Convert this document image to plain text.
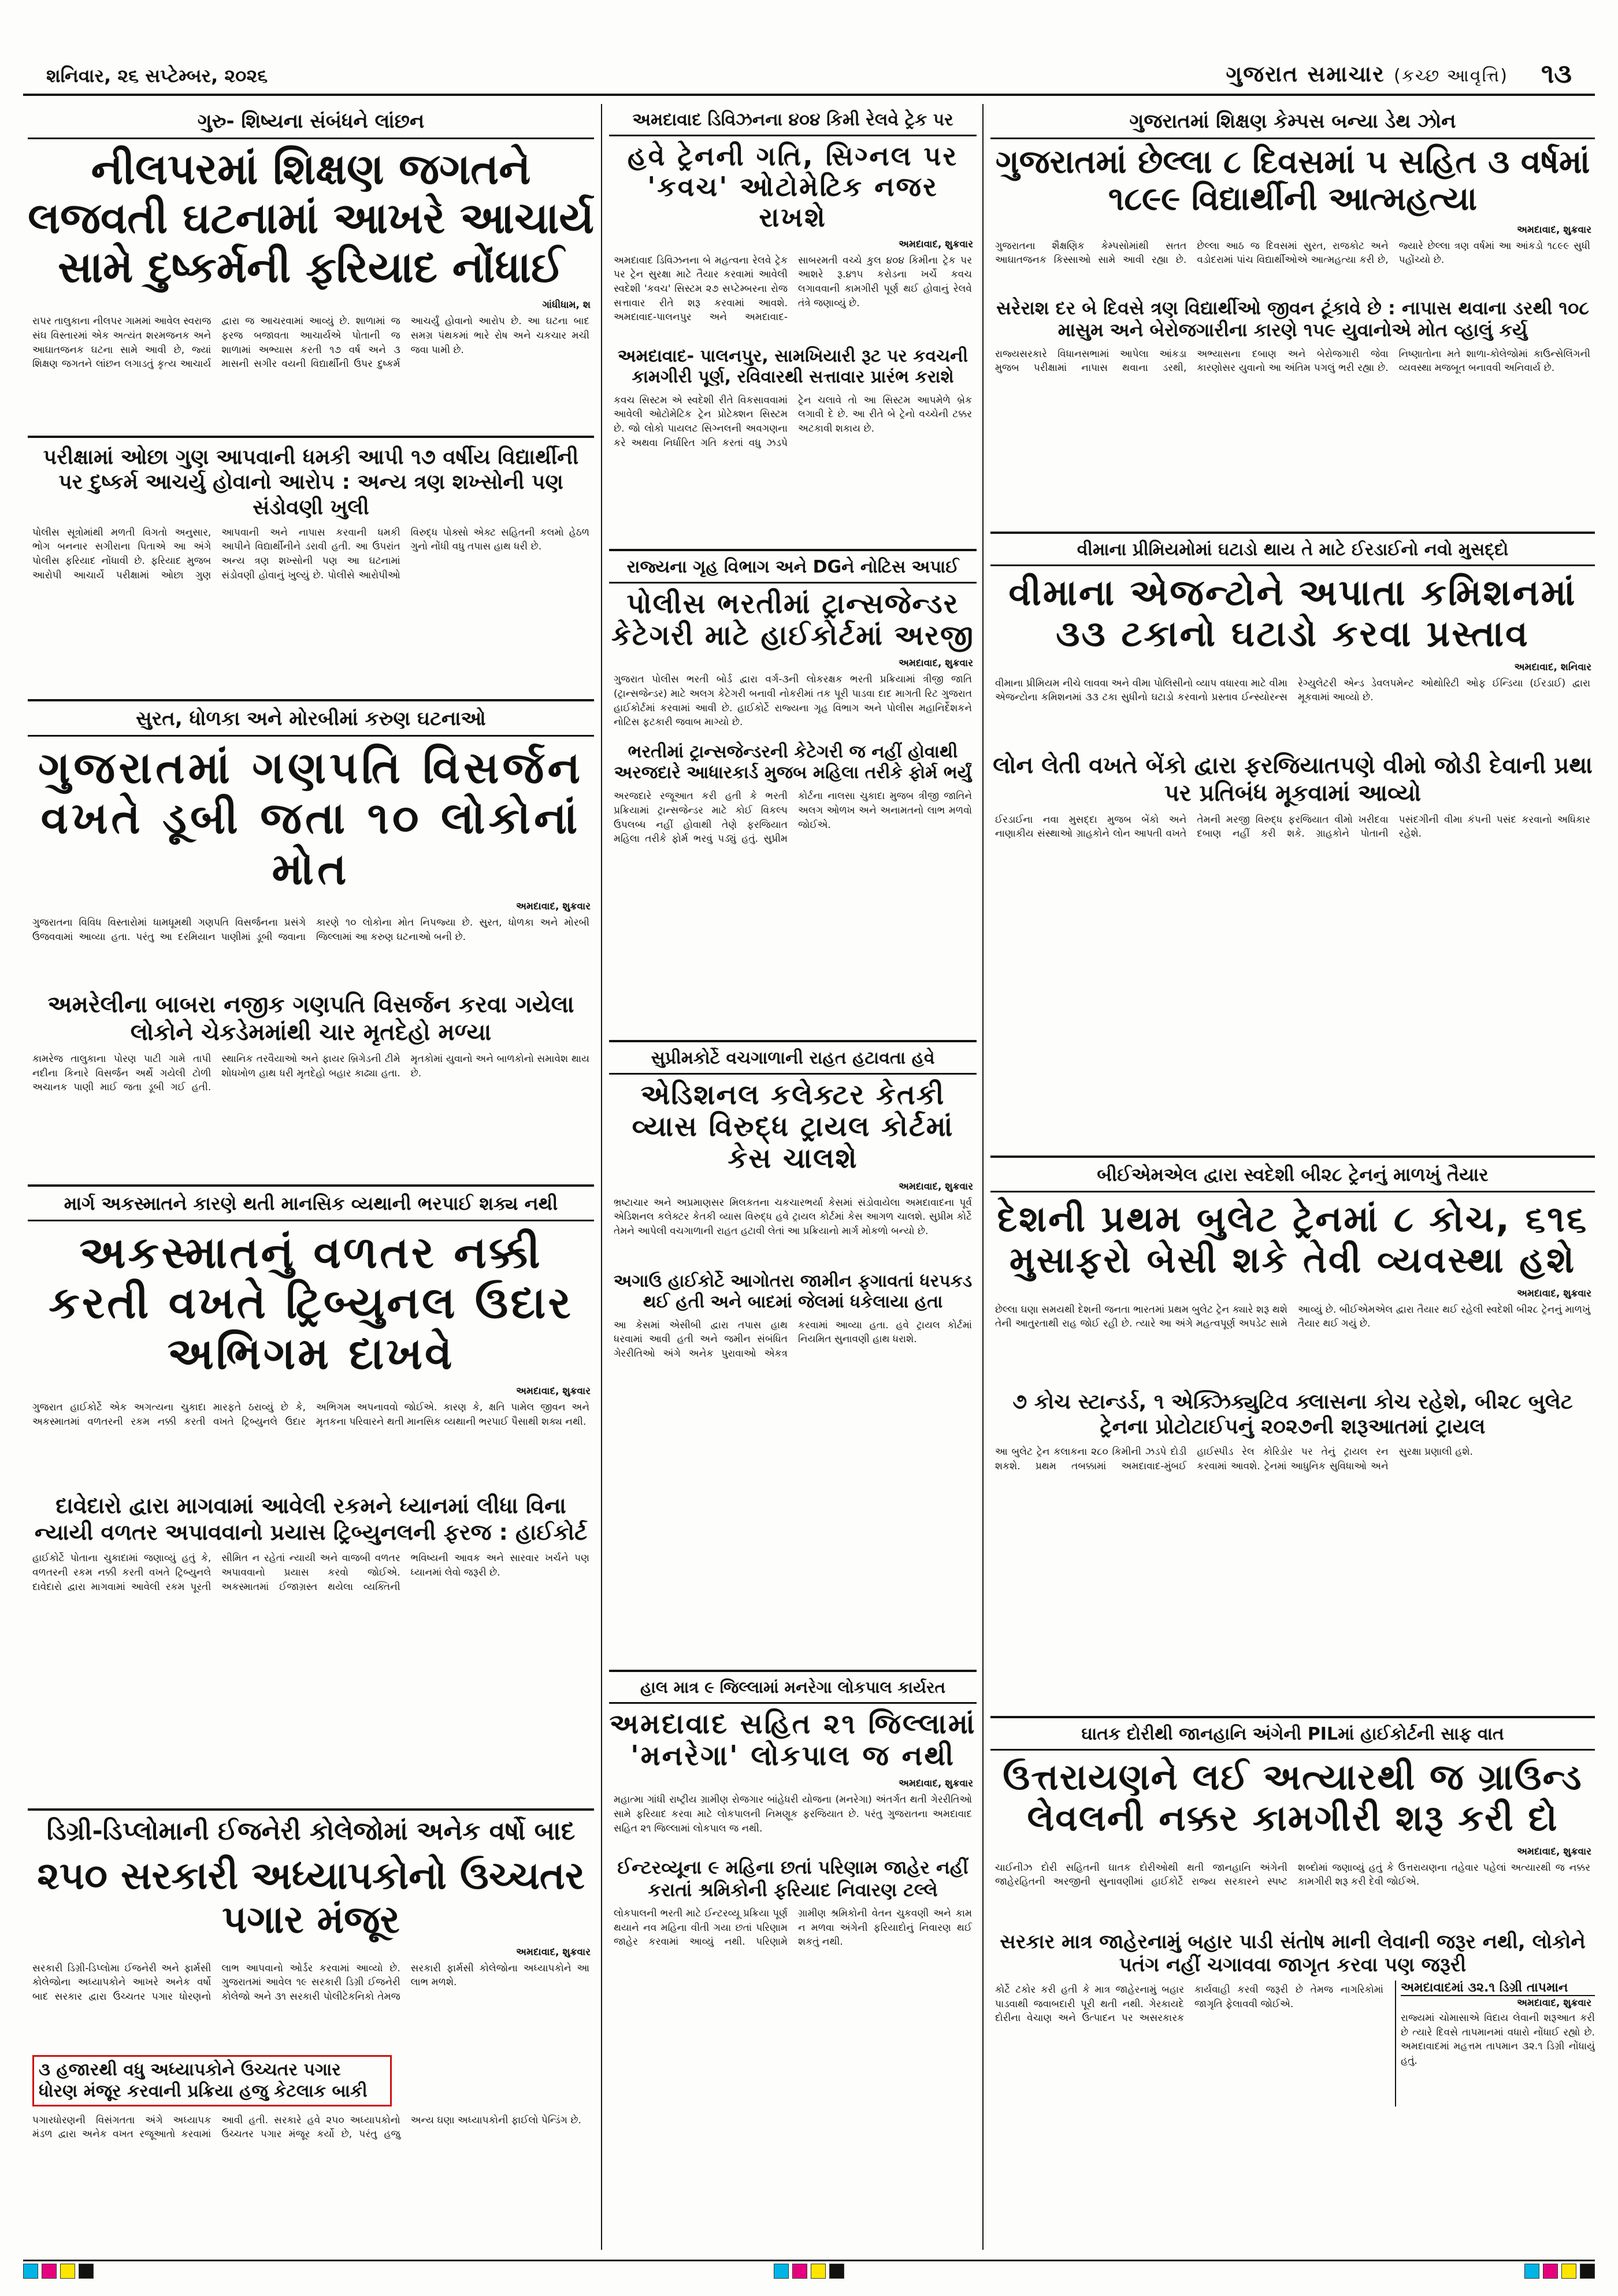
શનિવાર, ૨૬ સપ્ટેમ્બર, ૨૦૨૬	ગુજરાત સમાચાર (કચ્છ આવૃત્તિ) ૧૩
ગુરુ- શિષ્યના સંબંધને લાંછન
નીલપરમાં શિક્ષણ જગતને લજવતી ઘટનામાં આખરે આચાર્ય સામે દુષ્કર્મની ફરિયાદ નોંધાઈ
ગાંધીધામ, શ
રાપર તાલુકાના નીલપર ગામમાં આવેલ સ્વરાજ સંઘ વિસ્તારમાં એક અત્યંત શરમજનક અને આઘાતજનક ઘટના સામે આવી છે, જ્યાં શિક્ષણ જગતને લાંછન લગાડતું કૃત્ય આચાર્ય દ્વારા જ આચરવામાં આવ્યું છે. શાળામાં જ ફરજ બજાવતા આચાર્યએ પોતાની જ શાળામાં અભ્યાસ કરતી ૧૭ વર્ષ અને ૩ માસની સગીર વયની વિદ્યાર્થીની ઉપર દુષ્કર્મ આચર્યું હોવાનો આરોપ છે. આ ઘટના બાદ સમગ્ર પંથકમાં ભારે રોષ અને ચકચાર મચી જવા પામી છે.
પરીક્ષામાં ઓછા ગુણ આપવાની ધમકી આપી ૧૭ વર્ષીય વિદ્યાર્થીની પર દુષ્કર્મ આચર્યુ હોવાનો આરોપ : અન્ય ત્રણ શખ્સોની પણ સંડોવણી ખુલી
પોલીસ સૂત્રોમાંથી મળતી વિગતો અનુસાર, ભોગ બનનાર સગીરાના પિતાએ આ અંગે પોલીસ ફરિયાદ નોંધાવી છે. ફરિયાદ મુજબ આરોપી આચાર્યે પરીક્ષામાં ઓછા ગુણ આપવાની અને નાપાસ કરવાની ધમકી આપીને વિદ્યાર્થીનીને ડરાવી હતી. આ ઉપરાંત અન્ય ત્રણ શખ્સોની પણ આ ઘટનામાં સંડોવણી હોવાનું ખુલ્યું છે. પોલીસે આરોપીઓ વિરુદ્ધ પોક્સો એક્ટ સહિતની કલમો હેઠળ ગુનો નોંધી વધુ તપાસ હાથ ધરી છે.
સુરત, ધોળકા અને મોરબીમાં કરુણ ઘટનાઓ
ગુજરાતમાં ગણપતિ વિસર્જન વખતે ડૂબી જતા ૧૦ લોકોનાં મોત
અમદાવાદ, શુક્રવાર
ગુજરાતના વિવિધ વિસ્તારોમાં ધામધૂમથી ગણપતિ વિસર્જનના પ્રસંગે ઉજવવામાં આવ્યા હતા. પરંતુ આ દરમિયાન પાણીમાં ડૂબી જવાના કારણે ૧૦ લોકોના મોત નિપજ્યા છે. સુરત, ધોળકા અને મોરબી જિલ્લામાં આ કરુણ ઘટનાઓ બની છે.
અમરેલીના બાબરા નજીક ગણપતિ વિસર્જન કરવા ગયેલા લોકોને ચેકડેમમાંથી ચાર મૃતદેહો મળ્યા
કામરેજ તાલુકાના પોરણ પાટી ગામે તાપી નદીના કિનારે વિસર્જન અર્થે ગયેલી ટોળી અચાનક પાણી માઈ જતા ડૂબી ગઈ હતી. સ્થાનિક તરવૈયાઓ અને ફાયર બ્રિગેડની ટીમે શોધખોળ હાથ ધરી મૃતદેહો બહાર કાઢ્યા હતા. મૃતકોમાં યુવાનો અને બાળકોનો સમાવેશ થાય છે.
માર્ગ અકસ્માતને કારણે થતી માનસિક વ્યથાની ભરપાઈ શક્ય નથી
અકસ્માતનું વળતર નક્કી કરતી વખતે ટ્રિબ્યુનલ ઉદાર અભિગમ દાખવે
અમદાવાદ, શુક્રવાર
ગુજરાત હાઈકોર્ટે એક અગત્યના ચુકાદા મારફતે ઠરાવ્યું છે કે, અકસ્માતમાં વળતરની રકમ નક્કી કરતી વખતે ટ્રિબ્યુનલે ઉદાર અભિગમ અપનાવવો જોઈએ. કારણ કે, ક્ષતિ પામેલ જીવન અને મૃતકના પરિવારને થતી માનસિક વ્યથાની ભરપાઈ પૈસાથી શક્ય નથી.
દાવેદારો દ્વારા માગવામાં આવેલી રકમને ધ્યાનમાં લીધા વિના ન્યાયી વળતર અપાવવાનો પ્રયાસ ટ્રિબ્યુનલની ફરજ : હાઈકોર્ટ
હાઈકોર્ટે પોતાના ચુકાદામાં જણાવ્યું હતું કે, વળતરની રકમ નક્કી કરતી વખતે ટ્રિબ્યુનલે દાવેદારો દ્વારા માગવામાં આવેલી રકમ પૂરતી સીમિત ન રહેતાં ન્યાયી અને વાજબી વળતર અપાવવાનો પ્રયાસ કરવો જોઈએ. અકસ્માતમાં ઈજાગ્રસ્ત થયેલા વ્યક્તિની ભવિષ્યની આવક અને સારવાર ખર્ચને પણ ધ્યાનમાં લેવો જરૂરી છે.
ડિગ્રી-ડિપ્લોમાની ઈજનેરી કોલેજોમાં અનેક વર્ષો બાદ
૨૫૦ સરકારી અધ્યાપકોનો ઉચ્ચતર પગાર મંજૂર
અમદાવાદ, શુક્રવાર
સરકારી ડિગ્રી-ડિપ્લોમા ઈજનેરી અને ફાર્મસી કોલેજોના અધ્યાપકોને આખરે અનેક વર્ષો બાદ સરકાર દ્વારા ઉચ્ચતર પગાર ધોરણનો લાભ આપવાનો ઓર્ડર કરવામાં આવ્યો છે. ગુજરાતમાં આવેલ ૧૯ સરકારી ડિગ્રી ઈજનેરી કોલેજો અને ૩૧ સરકારી પોલીટેકનિકો તેમજ સરકારી ફાર્મસી કોલેજોના અધ્યાપકોને આ લાભ મળશે.
૩ હજારથી વધુ અધ્યાપકોને ઉચ્ચતર પગાર ધોરણ મંજૂર કરવાની પ્રક્રિયા હજુ કેટલાક બાકી
પગારધોરણની વિસંગતતા અંગે અધ્યાપક મંડળ દ્વારા અનેક વખત રજૂઆતો કરવામાં આવી હતી. સરકારે હવે ૨૫૦ અધ્યાપકોનો ઉચ્ચતર પગાર મંજૂર કર્યો છે, પરંતુ હજુ અન્ય ઘણા અધ્યાપકોની ફાઈલો પેન્ડિંગ છે.
અમદાવાદ ડિવિઝનના ૪૦૪ કિમી રેલવે ટ્રેક પર
હવે ટ્રેનની ગતિ, સિગ્નલ પર 'કવચ' ઓટોમેટિક નજર રાખશે
અમદાવાદ, શુક્રવાર
અમદાવાદ ડિવિઝનના બે મહત્વના રેલવે ટ્રેક પર ટ્રેન સુરક્ષા માટે તૈયાર કરવામાં આવેલી સ્વદેશી 'કવચ' સિસ્ટમ ૨૭ સપ્ટેમ્બરના રોજ સત્તાવાર રીતે શરૂ કરવામાં આવશે. અમદાવાદ-પાલનપુર અને અમદાવાદ-સાબરમતી વચ્ચે કુલ ૪૦૪ કિમીના ટ્રેક પર આશરે રૂ.૪૧૫ કરોડના ખર્ચે કવચ લગાવવાની કામગીરી પૂર્ણ થઈ હોવાનું રેલવે તંત્રે જણાવ્યું છે.
અમદાવાદ- પાલનપુર, સામખિયારી રૂટ પર કવચની કામગીરી પૂર્ણ, રવિવારથી સત્તાવાર પ્રારંભ કરાશે
કવચ સિસ્ટમ એ સ્વદેશી રીતે વિકસાવવામાં આવેલી ઓટોમેટિક ટ્રેન પ્રોટેક્શન સિસ્ટમ છે. જો લોકો પાયલટ સિગ્નલની અવગણના કરે અથવા નિર્ધારિત ગતિ કરતાં વધુ ઝડપે ટ્રેન ચલાવે તો આ સિસ્ટમ આપમેળે બ્રેક લગાવી દે છે. આ રીતે બે ટ્રેનો વચ્ચેની ટક્કર અટકાવી શકાય છે.
રાજ્યના ગૃહ વિભાગ અને DGને નોટિસ અપાઈ
પોલીસ ભરતીમાં ટ્રાન્સજેન્ડર કેટેગરી માટે હાઈકોર્ટમાં અરજી
અમદાવાદ, શુક્રવાર
ગુજરાત પોલીસ ભરતી બોર્ડ દ્વારા વર્ગ-૩ની લોકરક્ષક ભરતી પ્રક્રિયામાં ત્રીજી જાતિ (ટ્રાન્સજેન્ડર) માટે અલગ કેટેગરી બનાવી નોકરીમાં તક પૂરી પાડવા દાદ માગતી રિટ ગુજરાત હાઈકોર્ટમાં કરવામાં આવી છે. હાઈકોર્ટે રાજ્યના ગૃહ વિભાગ અને પોલીસ મહાનિર્દેશકને નોટિસ ફટકારી જવાબ માગ્યો છે.
ભરતીમાં ટ્રાન્સજેન્ડરની કેટેગરી જ નહીં હોવાથી અરજદારે આધારકાર્ડ મુજબ મહિલા તરીકે ફોર્મ ભર્યું
અરજદારે રજૂઆત કરી હતી કે ભરતી પ્રક્રિયામાં ટ્રાન્સજેન્ડર માટે કોઈ વિકલ્પ ઉપલબ્ધ નહીં હોવાથી તેણે ફરજિયાત મહિલા તરીકે ફોર્મ ભરવું પડ્યું હતું. સુપ્રીમ કોર્ટના નાલસા ચુકાદા મુજબ ત્રીજી જાતિને અલગ ઓળખ અને અનામતનો લાભ મળવો જોઈએ.
સુપ્રીમકોર્ટે વચગાળાની રાહત હટાવતા હવે
એડિશનલ કલેક્ટર કેતકી વ્યાસ વિરુદ્ધ ટ્રાયલ કોર્ટમાં કેસ ચાલશે
અમદાવાદ, શુક્રવાર
ભ્રષ્ટાચાર અને અપ્રમાણસર મિલકતના ચકચારભર્યા કેસમાં સંડોવાયેલા અમદાવાદના પૂર્વ એડિશનલ કલેક્ટર કેતકી વ્યાસ વિરુદ્ધ હવે ટ્રાયલ કોર્ટમાં કેસ આગળ ચાલશે. સુપ્રીમ કોર્ટે તેમને આપેલી વચગાળાની રાહત હટાવી લેતાં આ પ્રક્રિયાનો માર્ગ મોકળો બન્યો છે.
અગાઉ હાઈકોર્ટે આગોતરા જામીન ફગાવતાં ધરપકડ થઈ હતી અને બાદમાં જેલમાં ધકેલાયા હતા
આ કેસમાં એસીબી દ્વારા તપાસ હાથ ધરવામાં આવી હતી અને જમીન સંબંધિત ગેરરીતિઓ અંગે અનેક પુરાવાઓ એકત્ર કરવામાં આવ્યા હતા. હવે ટ્રાયલ કોર્ટમાં નિયમિત સુનાવણી હાથ ધરાશે.
હાલ માત્ર ૯ જિલ્લામાં મનરેગા લોકપાલ કાર્યરત
અમદાવાદ સહિત ૨૧ જિલ્લામાં 'મનરેગા' લોકપાલ જ નથી
અમદાવાદ, શુક્રવાર
મહાત્મા ગાંધી રાષ્ટ્રીય ગ્રામીણ રોજગાર બાંહેધરી યોજના (મનરેગા) અંતર્ગત થતી ગેરરીતિઓ સામે ફરિયાદ કરવા માટે લોકપાલની નિમણૂક ફરજિયાત છે. પરંતુ ગુજરાતના અમદાવાદ સહિત ૨૧ જિલ્લામાં લોકપાલ જ નથી.
ઈન્ટરવ્યૂના ૯ મહિના છતાં પરિણામ જાહેર નહીં કરાતાં શ્રમિકોની ફરિયાદ નિવારણ ટલ્લે
લોકપાલની ભરતી માટે ઈન્ટરવ્યૂ પ્રક્રિયા પૂર્ણ થયાને નવ મહિના વીતી ગયા છતાં પરિણામ જાહેર કરવામાં આવ્યું નથી. પરિણામે ગ્રામીણ શ્રમિકોની વેતન ચુકવણી અને કામ ન મળવા અંગેની ફરિયાદોનું નિવારણ થઈ શકતું નથી.
ગુજરાતમાં શિક્ષણ કેમ્પસ બન્યા ડેથ ઝોન
ગુજરાતમાં છેલ્લા ૮ દિવસમાં ૫ સહિત ૩ વર્ષમાં ૧૮૯૯ વિદ્યાર્થીની આત્મહત્યા
અમદાવાદ, શુક્રવાર
ગુજરાતના શૈક્ષણિક કેમ્પસોમાંથી સતત આઘાતજનક કિસ્સાઓ સામે આવી રહ્યા છે. છેલ્લા આઠ જ દિવસમાં સુરત, રાજકોટ અને વડોદરામાં પાંચ વિદ્યાર્થીઓએ આત્મહત્યા કરી છે, જ્યારે છેલ્લા ત્રણ વર્ષમાં આ આંકડો ૧૮૯૯ સુધી પહોંચ્યો છે.
સરેરાશ દર બે દિવસે ત્રણ વિદ્યાર્થીઓ જીવન ટૂંકાવે છે : નાપાસ થવાના ડરથી ૧૦૮ માસુમ અને બેરોજગારીના કારણે ૧૫૯ યુવાનોએ મોત વ્હાલું કર્યુ
રાજ્યસરકારે વિધાનસભામાં આપેલા આંકડા મુજબ પરીક્ષામાં નાપાસ થવાના ડરથી, અભ્યાસના દબાણ અને બેરોજગારી જેવા કારણોસર યુવાનો આ અંતિમ પગલું ભરી રહ્યા છે. નિષ્ણાતોના મતે શાળા-કોલેજોમાં કાઉન્સેલિંગની વ્યવસ્થા મજબૂત બનાવવી અનિવાર્ય છે.
વીમાના પ્રીમિયમોમાં ઘટાડો થાય તે માટે ઈરડાઈનો નવો મુસદ્દો
વીમાના એજન્ટોને અપાતા કમિશનમાં ૩૩ ટકાનો ઘટાડો કરવા પ્રસ્તાવ
અમદાવાદ, શનિવાર
વીમાના પ્રીમિયમ નીચે લાવવા અને વીમા પોલિસીનો વ્યાપ વધારવા માટે વીમા એજન્ટોના કમિશનમાં ૩૩ ટકા સુધીનો ઘટાડો કરવાનો પ્રસ્તાવ ઈન્સ્યોરન્સ રેગ્યુલેટરી એન્ડ ડેવલપમેન્ટ ઓથોરિટી ઓફ ઈન્ડિયા (ઈરડાઈ) દ્વારા મૂકવામાં આવ્યો છે.
લોન લેતી વખતે બેંકો દ્વારા ફરજિયાતપણે વીમો જોડી દેવાની પ્રથા પર પ્રતિબંધ મૂકવામાં આવ્યો
ઈરડાઈના નવા મુસદ્દા મુજબ બેંકો અને નાણાકીય સંસ્થાઓ ગ્રાહકોને લોન આપતી વખતે તેમની મરજી વિરુદ્ધ ફરજિયાત વીમો ખરીદવા દબાણ નહીં કરી શકે. ગ્રાહકોને પોતાની પસંદગીની વીમા કંપની પસંદ કરવાનો અધિકાર રહેશે.
બીઈએમએલ દ્વારા સ્વદેશી બી૨૮ ટ્રેનનું માળખું તૈયાર
દેશની પ્રથમ બુલેટ ટ્રેનમાં ૮ કોચ, ૬૧૬ મુસાફરો બેસી શકે તેવી વ્યવસ્થા હશે
અમદાવાદ, શુક્રવાર
છેલ્લા ઘણા સમયથી દેશની જનતા ભારતમાં પ્રથમ બુલેટ ટ્રેન ક્યારે શરૂ થશે તેની આતુરતાથી રાહ જોઈ રહી છે. ત્યારે આ અંગે મહત્વપૂર્ણ અપડેટ સામે આવ્યું છે. બીઈએમએલ દ્વારા તૈયાર થઈ રહેલી સ્વદેશી બી૨૮ ટ્રેનનું માળખું તૈયાર થઈ ગયું છે.
૭ કોચ સ્ટાન્ડર્ડ, ૧ એક્ઝિક્યુટિવ ક્લાસના કોચ રહેશે, બી૨૮ બુલેટ ટ્રેનના પ્રોટોટાઈપનું ૨૦૨૭ની શરૂઆતમાં ટ્રાયલ
આ બુલેટ ટ્રેન કલાકના ૨૮૦ કિમીની ઝડપે દોડી શકશે. પ્રથમ તબક્કામાં અમદાવાદ-મુંબઈ હાઈસ્પીડ રેલ કોરિડોર પર તેનું ટ્રાયલ રન કરવામાં આવશે. ટ્રેનમાં આધુનિક સુવિધાઓ અને સુરક્ષા પ્રણાલી હશે.
ઘાતક દોરીથી જાનહાનિ અંગેની PILમાં હાઈકોર્ટની સાફ વાત
ઉત્તરાયણને લઈ અત્યારથી જ ગ્રાઉન્ડ લેવલની નક્કર કામગીરી શરૂ કરી દો
અમદાવાદ, શુક્રવાર
ચાઈનીઝ દોરી સહિતની ઘાતક દોરીઓથી થતી જાનહાનિ અંગેની જાહેરહિતની અરજીની સુનાવણીમાં હાઈકોર્ટે રાજ્ય સરકારને સ્પષ્ટ શબ્દોમાં જણાવ્યું હતું કે ઉત્તરાયણના તહેવાર પહેલાં અત્યારથી જ નક્કર કામગીરી શરૂ કરી દેવી જોઈએ.
સરકાર માત્ર જાહેરનામું બહાર પાડી સંતોષ માની લેવાની જરૂર નથી, લોકોને પતંગ નહીં ચગાવવા જાગૃત કરવા પણ જરૂરી
કોર્ટે ટકોર કરી હતી કે માત્ર જાહેરનામું બહાર પાડવાથી જવાબદારી પૂરી થતી નથી. ગેરકાયદે દોરીના વેચાણ અને ઉત્પાદન પર અસરકારક કાર્યવાહી કરવી જરૂરી છે તેમજ નાગરિકોમાં જાગૃતિ ફેલાવવી જોઈએ.
અમદાવાદમાં ૩૨.૧ ડિગ્રી તાપમાન
અમદાવાદ, શુક્રવાર
રાજ્યમાં ચોમાસાએ વિદાય લેવાની શરૂઆત કરી છે ત્યારે દિવસે તાપમાનમાં વધારો નોંધાઈ રહ્યો છે. અમદાવાદમાં મહત્તમ તાપમાન ૩૨.૧ ડિગ્રી નોંધાયું હતું.
